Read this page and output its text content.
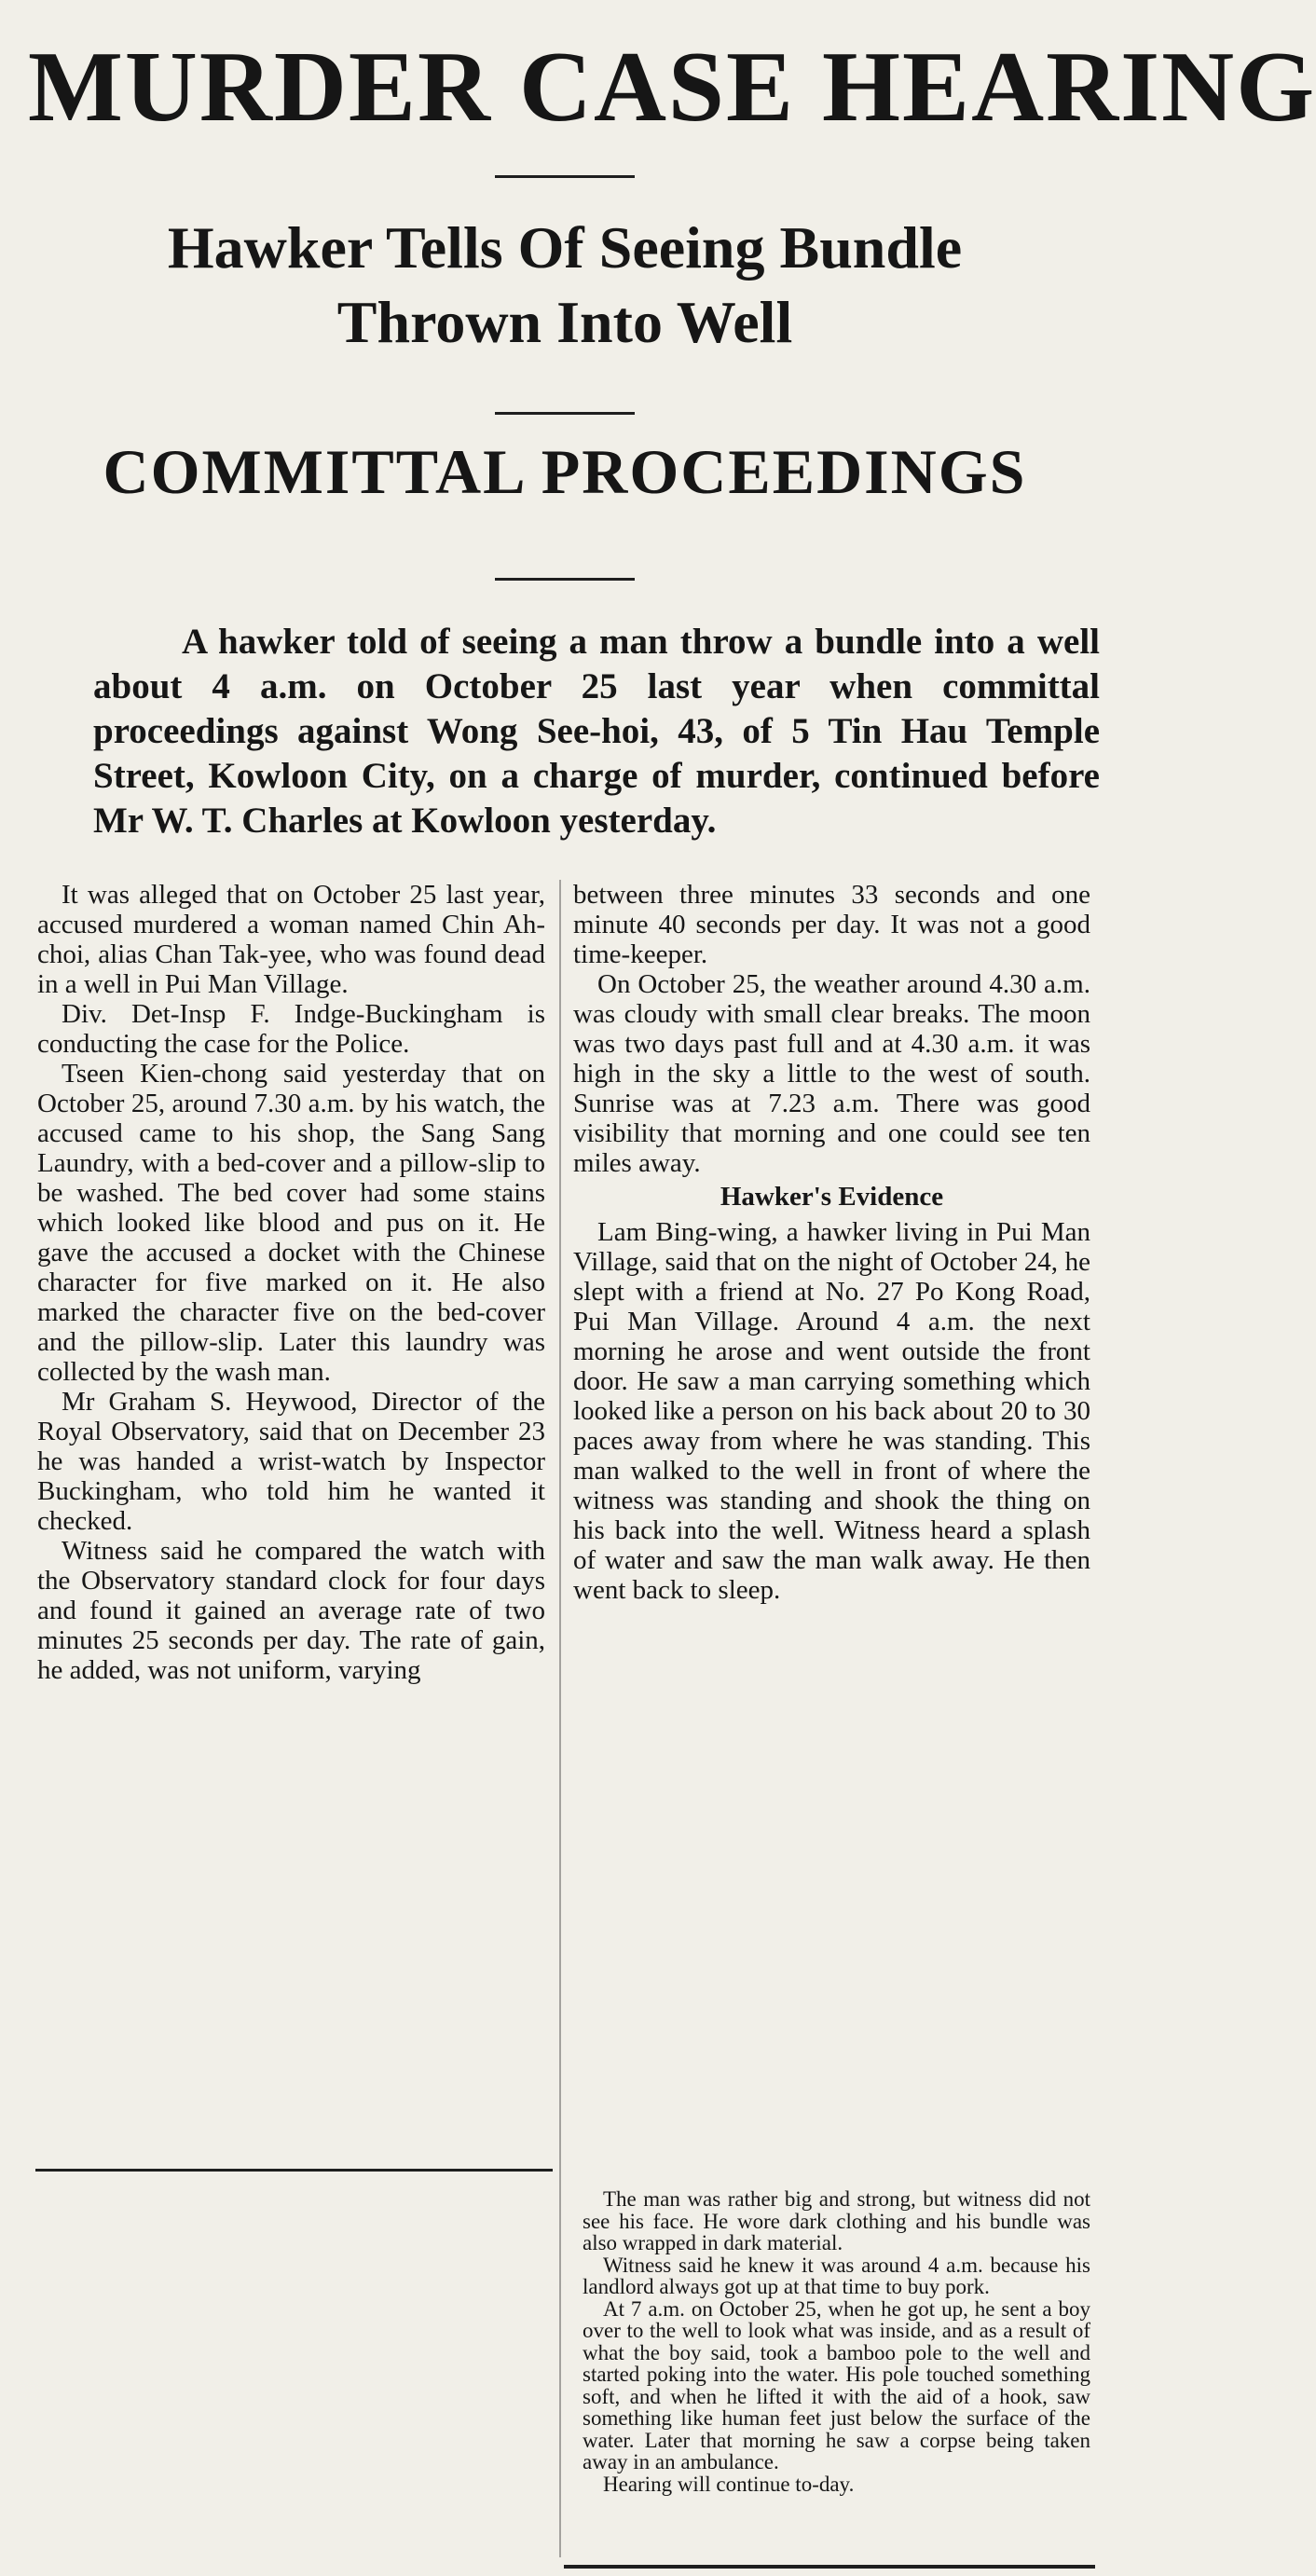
MURDER CASE HEARING
Hawker Tells Of Seeing Bundle
Thrown Into Well
COMMITTAL PROCEEDINGS
A hawker told of seeing a man throw a bundle into a well about 4 a.m. on October 25 last year when committal proceedings against Wong See-hoi, 43, of 5 Tin Hau Temple Street, Kowloon City, on a charge of murder, continued before Mr W. T. Charles at Kowloon yesterday.

It was alleged that on October 25 last year, accused murdered a woman named Chin Ah-choi, alias Chan Tak-yee, who was found dead in a well in Pui Man Village.

Div. Det-Insp F. Indge-Buckingham is conducting the case for the Police.

Tseen Kien-chong said yesterday that on October 25, around 7.30 a.m. by his watch, the accused came to his shop, the Sang Sang Laundry, with a bed-cover and a pillow-slip to be washed. The bed cover had some stains which looked like blood and pus on it. He gave the accused a docket with the Chinese character for five marked on it. He also marked the character five on the bed-cover and the pillow-slip. Later this laundry was collected by the wash man.

Mr Graham S. Heywood, Director of the Royal Observatory, said that on December 23 he was handed a wrist-watch by Inspector Buckingham, who told him he wanted it checked.

Witness said he compared the watch with the Observatory standard clock for four days and found it gained an average rate of two minutes 25 seconds per day. The rate of gain, he added, was not uniform, varying

between three minutes 33 seconds and one minute 40 seconds per day. It was not a good time-keeper.

On October 25, the weather around 4.30 a.m. was cloudy with small clear breaks. The moon was two days past full and at 4.30 a.m. it was high in the sky a little to the west of south. Sunrise was at 7.23 a.m. There was good visibility that morning and one could see ten miles away.

Hawker's Evidence

Lam Bing-wing, a hawker living in Pui Man Village, said that on the night of October 24, he slept with a friend at No. 27 Po Kong Road, Pui Man Village. Around 4 a.m. the next morning he arose and went outside the front door. He saw a man carrying something which looked like a person on his back about 20 to 30 paces away from where he was standing. This man walked to the well in front of where the witness was standing and shook the thing on his back into the well. Witness heard a splash of water and saw the man walk away. He then went back to sleep.

The man was rather big and strong, but witness did not see his face. He wore dark clothing and his bundle was also wrapped in dark material.

Witness said he knew it was around 4 a.m. because his landlord always got up at that time to buy pork.

At 7 a.m. on October 25, when he got up, he sent a boy over to the well to look what was inside, and as a result of what the boy said, took a bamboo pole to the well and started poking into the water. His pole touched something soft, and when he lifted it with the aid of a hook, saw something like human feet just below the surface of the water. Later that morning he saw a corpse being taken away in an ambulance.

Hearing will continue to-day.
